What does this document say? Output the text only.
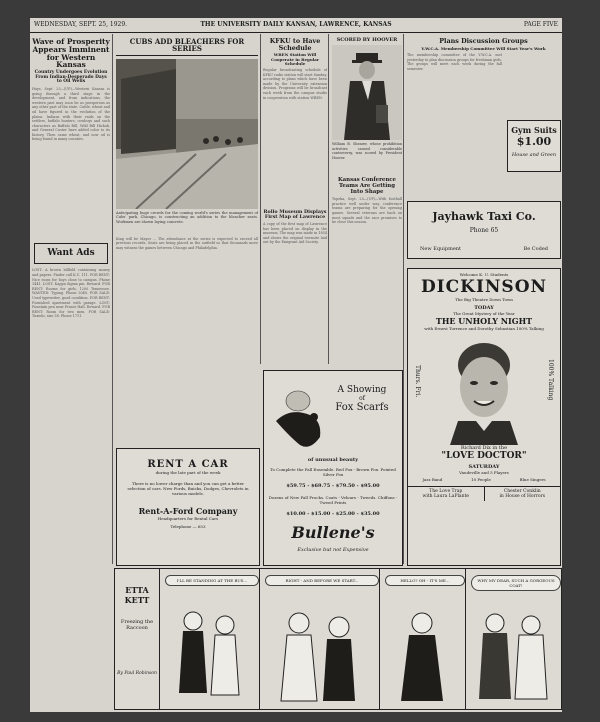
WEDNESDAY, SEPT. 25, 1929.	THE UNIVERSITY DAILY KANSAN, LAWRENCE, KANSAS	PAGE FIVE
Wave of Prosperity Appears Imminent for Western Kansas
Country Undergoes Evolution From Indian-Desperado Days to Oil Wells

Hays, Sept. 25—(UP)—Western Kansas is going through a third stage in the development, and from indications, the western part may soon be as prosperous as any other part of the state. Cattle, wheat and oil have figured in the evolution of the plains. Indians with their raids on the settlers, buffalo hunters, cowboys and such characters as Buffalo Bill, Wild Bill Hickok, and General Custer have added color to its history. Then came wheat, and now oil is being found in many counties.

Want Ads

LOST: A brown billfold containing money and papers. Finder call K.U. 111. FOR RENT: Nice room for boys close to campus. Phone 1441. LOST: Kappa Sigma pin. Reward. FOR RENT: Rooms for girls, 1200 Tennessee. WANTED: Typing. Phone 2040. FOR SALE: Used typewriter, good condition. FOR RENT: Furnished apartment with garage. LOST: Fountain pen near Fraser Hall. Reward. FOR RENT: Room for two men. FOR SALE: Tuxedo, size 38. Phone 1711.

CUBS ADD BLEACHERS FOR SERIES

Anticipating huge crowds for the coming world's series the management of Cubs' park, Chicago, is constructing an addition to the bleacher seats. Workmen are shown laying concrete.

King will be Mayor ... The attendance at the series is expected to exceed all previous records. Seats are being placed in the outfield so that thousands more may witness the games between Chicago and Philadelphia.

KFKU to Have Schedule
WREN Station Will Cooperate in Regular Schedule

Regular broadcasting schedule of KFKU radio station will start Sunday, according to plans which have been made by the University extension division. Programs will be broadcast each week from the campus studio in cooperation with station WREN.

SCORED BY HOOVER

William B. Shearer, whose prohibition activities caused considerable controversy, was scored by President Hoover.

Kansas Conference Teams Are Getting Into Shape

Topeka, Sept. 25—(UP)—With football practice well under way, conference teams are preparing for the opening games. Several veterans are back on most squads and the race promises to be close this season.

Rollo Museum Displays First Map of Lawrence

A copy of the first map of Lawrence has been placed on display in the museum. The map was made in 1854 and shows the original townsite laid out by the Emigrant Aid Society.

Plans Discussion Groups
Y.W.C.A. Membership Committee Will Start Year's Work

The membership committee of the Y.W.C.A. met yesterday to plan discussion groups for freshman girls. The groups will meet each week during the fall semester.

Gym Suits
$1.00
House and Green
Jayhawk Taxi Co.
Phone 65
New Equipment	Be Coded
Welcome K. U. Students
DICKINSON
The Big Theatre Down Town
TODAY
The Great Mystery of the Year
THE UNHOLY NIGHT
with Ernest Torrence and Dorothy Sebastian 100% Talking
Thurs. Fri.	100% Talking
Richard Dix in the
"LOVE DOCTOR"
SATURDAY
Vaudeville and 5 Players
Jazz Band	10 People	Blue Singers
The Love Trap
with Laura LaPlante
Chester Conklin
in House of Horrors
RENT A CAR
during the late part of the week
There is no lower charge than and you can get a better selection of cars. New Fords, Buicks, Dodges, Chevrolets in various models.
Rent-A-Ford Company
Headquarters for Rental Cars
Telephone — 653
A Showing
of
Fox Scarfs
of unusual beauty
To Complete the Fall Ensemble. Red Fox - Brown Fox. Pointed Silver Fox
$59.75 - $69.75 - $79.50 - $95.00
Dozens of New Fall Frocks. Coats - Velours - Tweeds. Chiffons - Tweed Prints
$10.00 - $15.00 - $25.00 - $35.00
Bullene's
Exclusive but not Expensive
ETTA KETT
Freezing the Raccoon
By Paul Robinson
I'LL BE STANDING AT THE BUS...	RIGHT - AND BEFORE WE START...	HELLO? OH - IT'S ME...	WHY MY DEAR, SUCH A GORGEOUS COAT!
